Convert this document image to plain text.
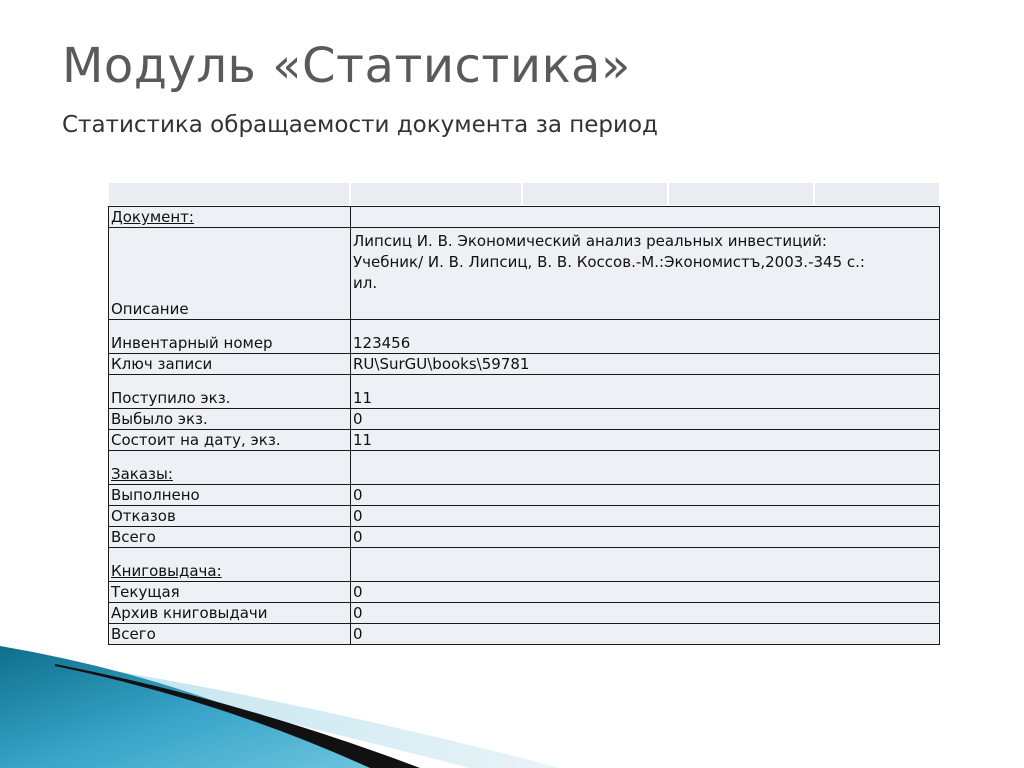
Модуль «Статистика»
Статистика обращаемости документа за период
Документ:	
Описание	Липсиц И. В. Экономический анализ реальных инвестиций:
Учебник/ И. В. Липсиц, В. В. Коссов.-М.:Экономистъ,2003.-345 с.:
ил.

Инвентарный номер	123456
Ключ записи	RU\SurGU\books\59781
Поступило экз.	11
Выбыло экз.	0
Состоит на дату, экз.	11
Заказы:	
Выполнено	0
Отказов	0
Всего	0
Книговыдача:	
Текущая	0
Архив книговыдачи	0
Всего	0
